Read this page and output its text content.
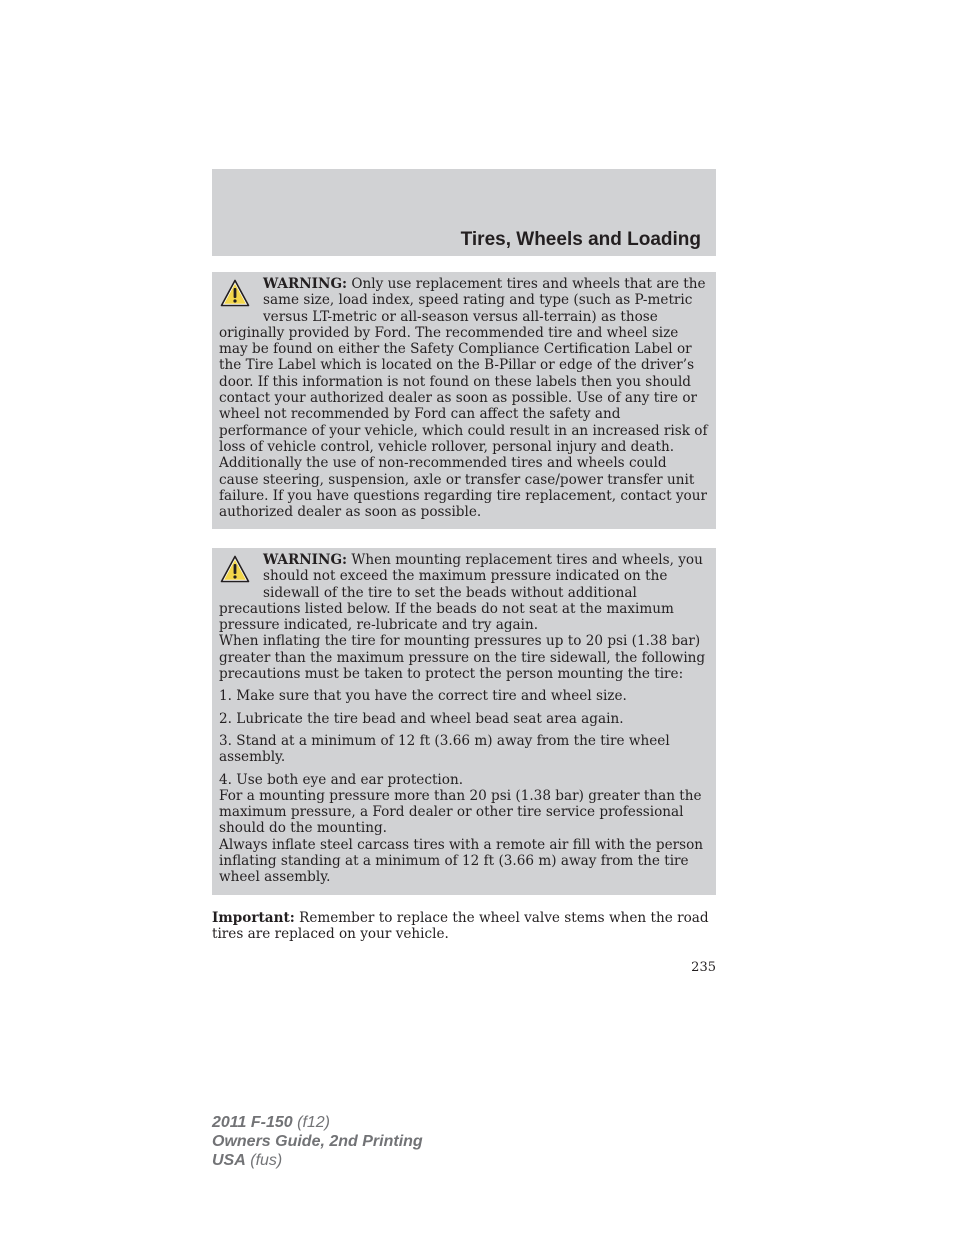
Tires, Wheels and Loading

WARNING: Only use replacement tires and wheels that are the same size, load index, speed rating and type (such as P-metric versus LT-metric or all-season versus all-terrain) as those originally provided by Ford. The recommended tire and wheel size may be found on either the Safety Compliance Certification Label or the Tire Label which is located on the B-Pillar or edge of the driver’s door. If this information is not found on these labels then you should contact your authorized dealer as soon as possible. Use of any tire or wheel not recommended by Ford can affect the safety and performance of your vehicle, which could result in an increased risk of loss of vehicle control, vehicle rollover, personal injury and death. Additionally the use of non-recommended tires and wheels could cause steering, suspension, axle or transfer case/power transfer unit failure. If you have questions regarding tire replacement, contact your authorized dealer as soon as possible.

WARNING: When mounting replacement tires and wheels, you should not exceed the maximum pressure indicated on the sidewall of the tire to set the beads without additional precautions listed below. If the beads do not seat at the maximum pressure indicated, re-lubricate and try again.

When inflating the tire for mounting pressures up to 20 psi (1.38 bar) greater than the maximum pressure on the tire sidewall, the following precautions must be taken to protect the person mounting the tire:

1. Make sure that you have the correct tire and wheel size.

2. Lubricate the tire bead and wheel bead seat area again.

3. Stand at a minimum of 12 ft (3.66 m) away from the tire wheel assembly.

4. Use both eye and ear protection.

For a mounting pressure more than 20 psi (1.38 bar) greater than the maximum pressure, a Ford dealer or other tire service professional should do the mounting.

Always inflate steel carcass tires with a remote air fill with the person inflating standing at a minimum of 12 ft (3.66 m) away from the tire wheel assembly.

Important: Remember to replace the wheel valve stems when the road tires are replaced on your vehicle.

235
2011 F-150 (f12)
Owners Guide, 2nd Printing
USA (fus)
